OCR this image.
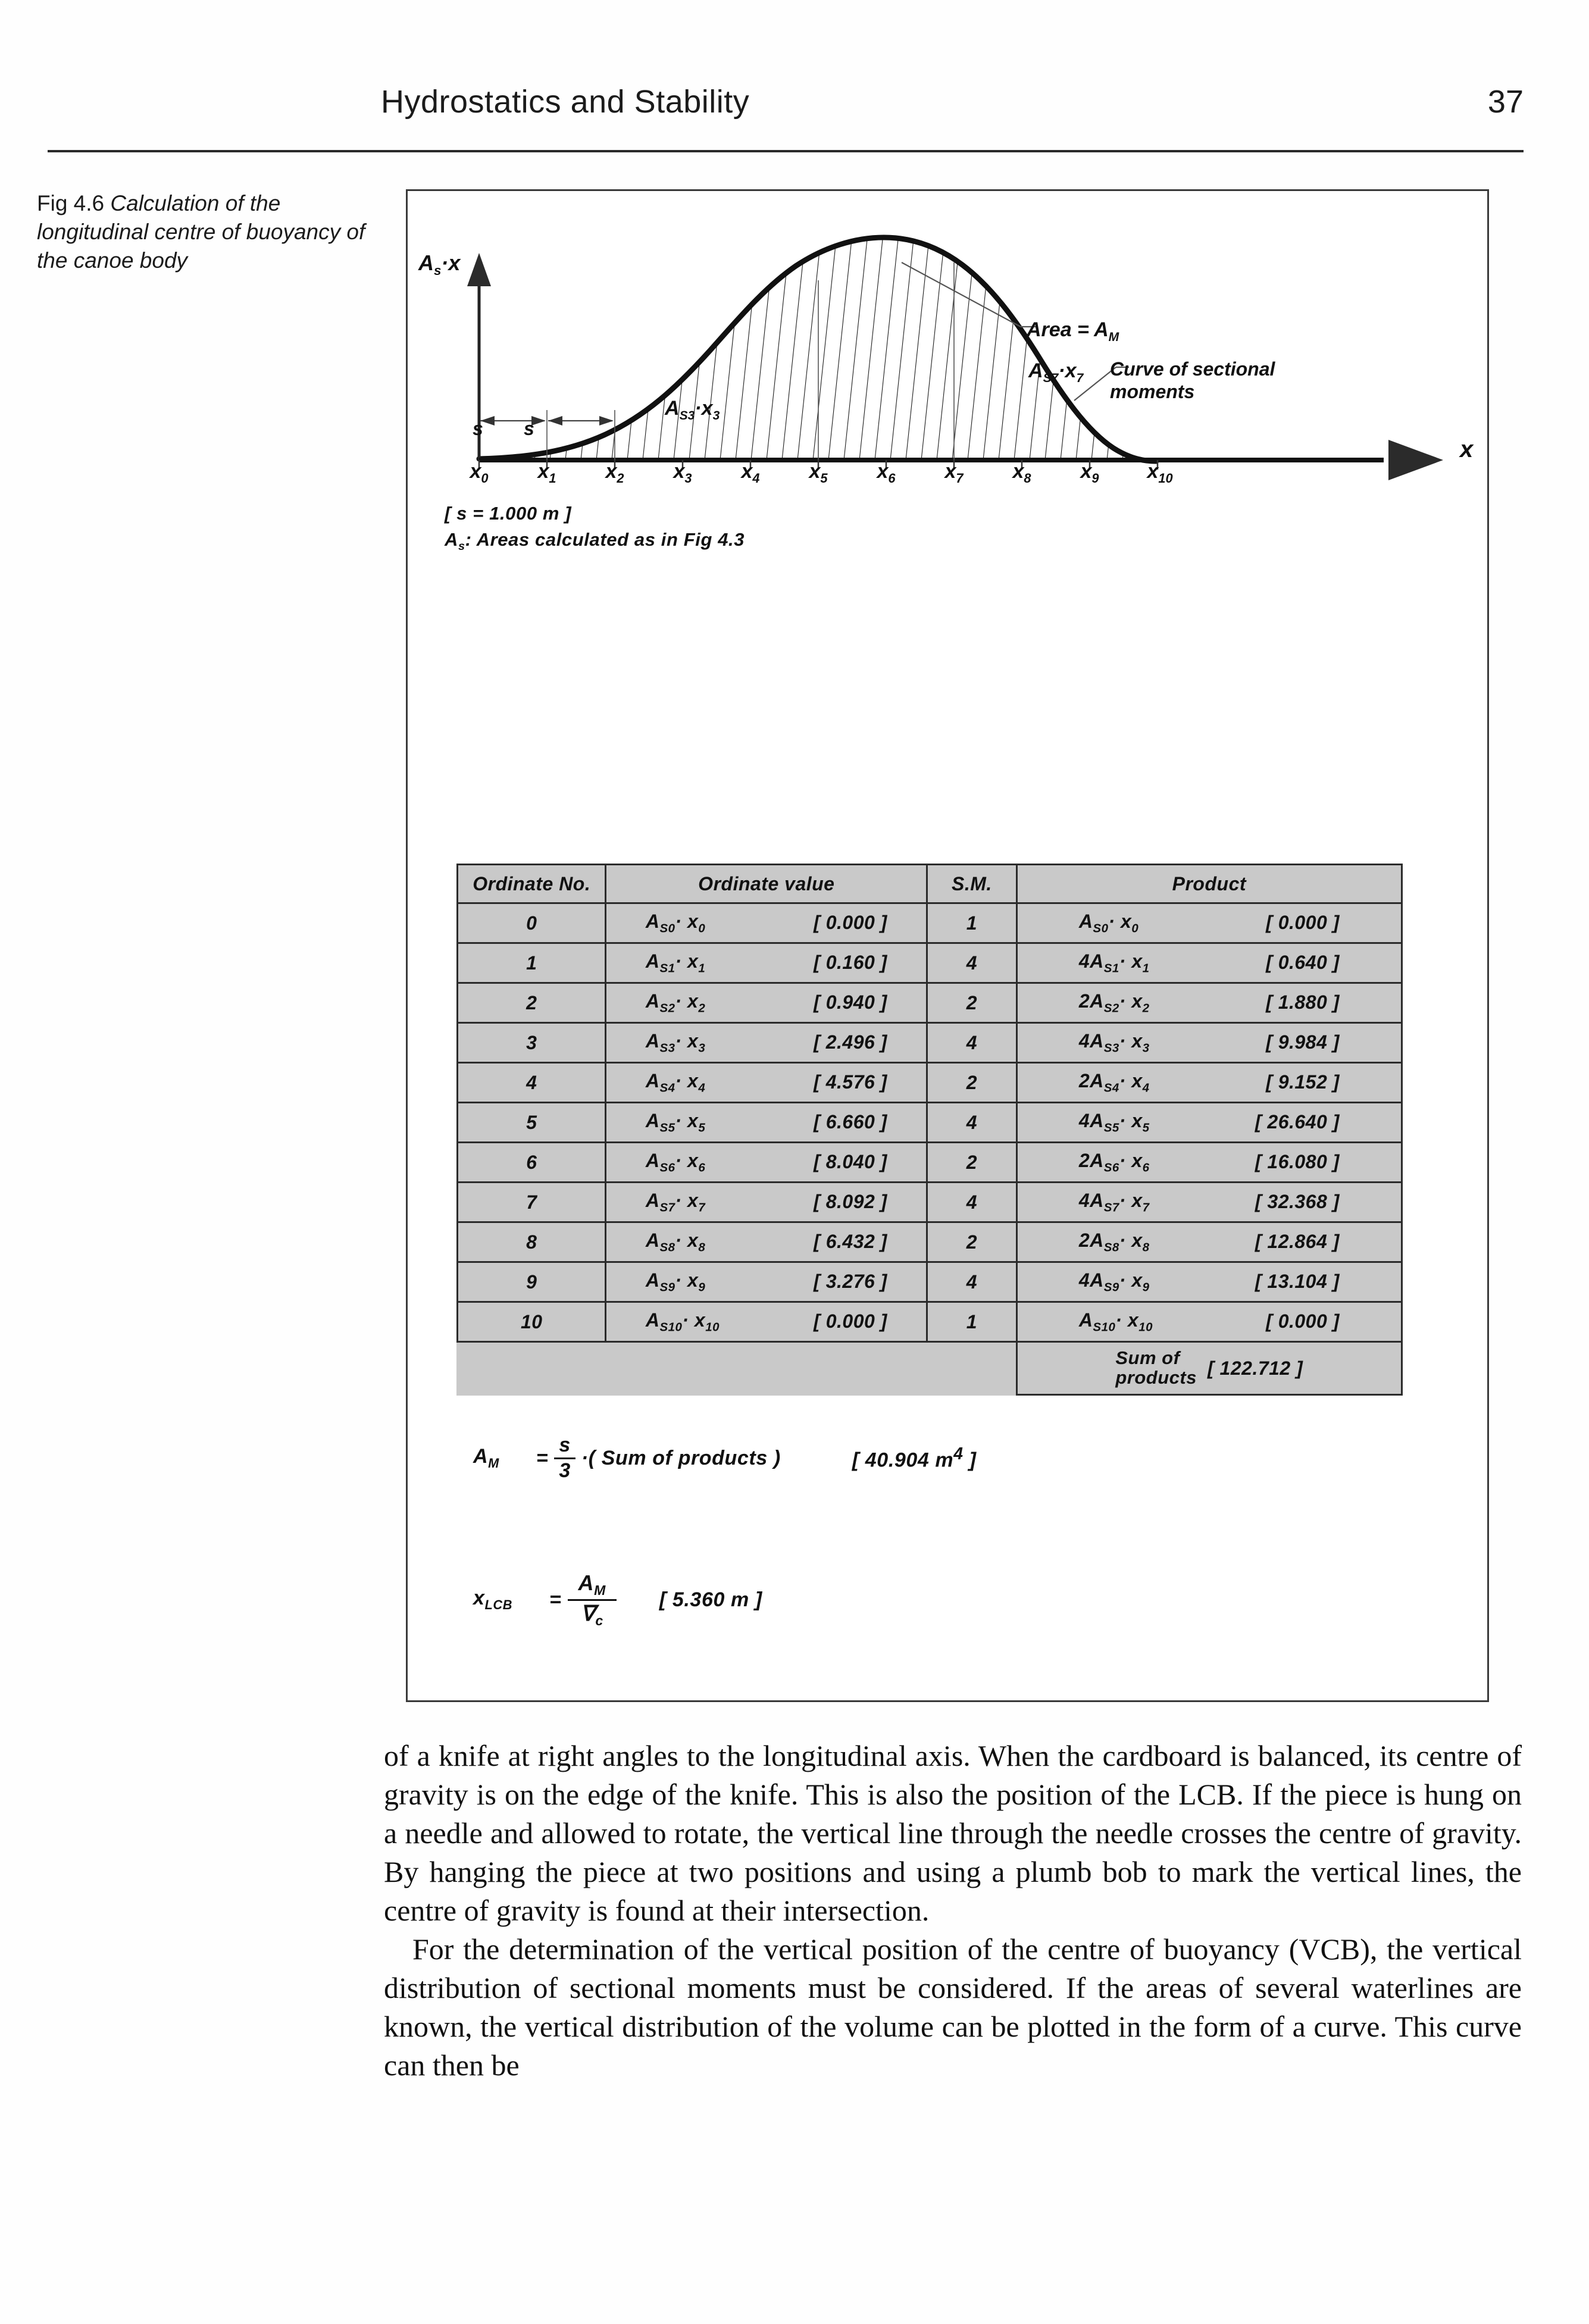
Hydrostatics and Stability	37
Fig 4.6 Calculation of the longitudinal centre of buoyancy of the canoe body	$A_s\cdot x$
x
Area = $A_M$
$A_{S7}\cdot x_7$ Curve of sectional
moments
$A_{S3}\cdot x_3$
s s
$x_0$ $x_1$ $x_2$ $x_3$ $x_4$ $x_5$ $x_6$ $x_7$ $x_8$ $x_9$ $x_{10}$
[ s = 1.000 m ]
$A_s$: Areas calculated as in Fig 4.3
Ordinate No.	Ordinate value	S.M.	Product
0	$A_{S0}\cdot x_0$ [ 0.000 ]	1	$A_{S0}\cdot x_0$ [ 0.000 ]

1	$A_{S1}\cdot x_1$ [ 0.160 ]	4	$4A_{S1}\cdot x_1$ [ 0.640 ]

2	$A_{S2}\cdot x_2$ [ 0.940 ]	2	$2A_{S2}\cdot x_2$ [ 1.880 ]

3	$A_{S3}\cdot x_3$ [ 2.496 ]	4	$4A_{S3}\cdot x_3$ [ 9.984 ]

4	$A_{S4}\cdot x_4$ [ 4.576 ]	2	$2A_{S4}\cdot x_4$ [ 9.152 ]

5	$A_{S5}\cdot x_5$ [ 6.660 ]	4	$4A_{S5}\cdot x_5$ [ 26.640 ]

6	$A_{S6}\cdot x_6$ [ 8.040 ]	2	$2A_{S6}\cdot x_6$ [ 16.080 ]

7	$A_{S7}\cdot x_7$ [ 8.092 ]	4	$4A_{S7}\cdot x_7$ [ 32.368 ]

8	$A_{S8}\cdot x_8$ [ 6.432 ]	2	$2A_{S8}\cdot x_8$ [ 12.864 ]

9	$A_{S9}\cdot x_9$ [ 3.276 ]	4	$4A_{S9}\cdot x_9$ [ 13.104 ]

10	$A_{S10}\cdot x_{10}$ [ 0.000 ]	1	$A_{S10}\cdot x_{10}$ [ 0.000 ]

			Sum of
products [ 122.712 ]
$A_M = \frac{s}{3}$ ·( Sum of products )	[ 40.904 $m^4$ ]
$x_{LCB} = \frac{A_M}{\nabla_c}$ [ 5.360 m ]

of a knife at right angles to the longitudinal axis. When the cardboard is balanced, its centre of gravity is on the edge of the knife. This is also the position of the LCB. If the piece is hung on a needle and allowed to rotate, the vertical line through the needle crosses the centre of gravity. By hanging the piece at two positions and using a plumb bob to mark the vertical lines, the centre of gravity is found at their intersection.

For the determination of the vertical position of the centre of buoyancy (VCB), the vertical distribution of sectional moments must be considered. If the areas of several waterlines are known, the vertical distribution of the volume can be plotted in the form of a curve. This curve can then be
